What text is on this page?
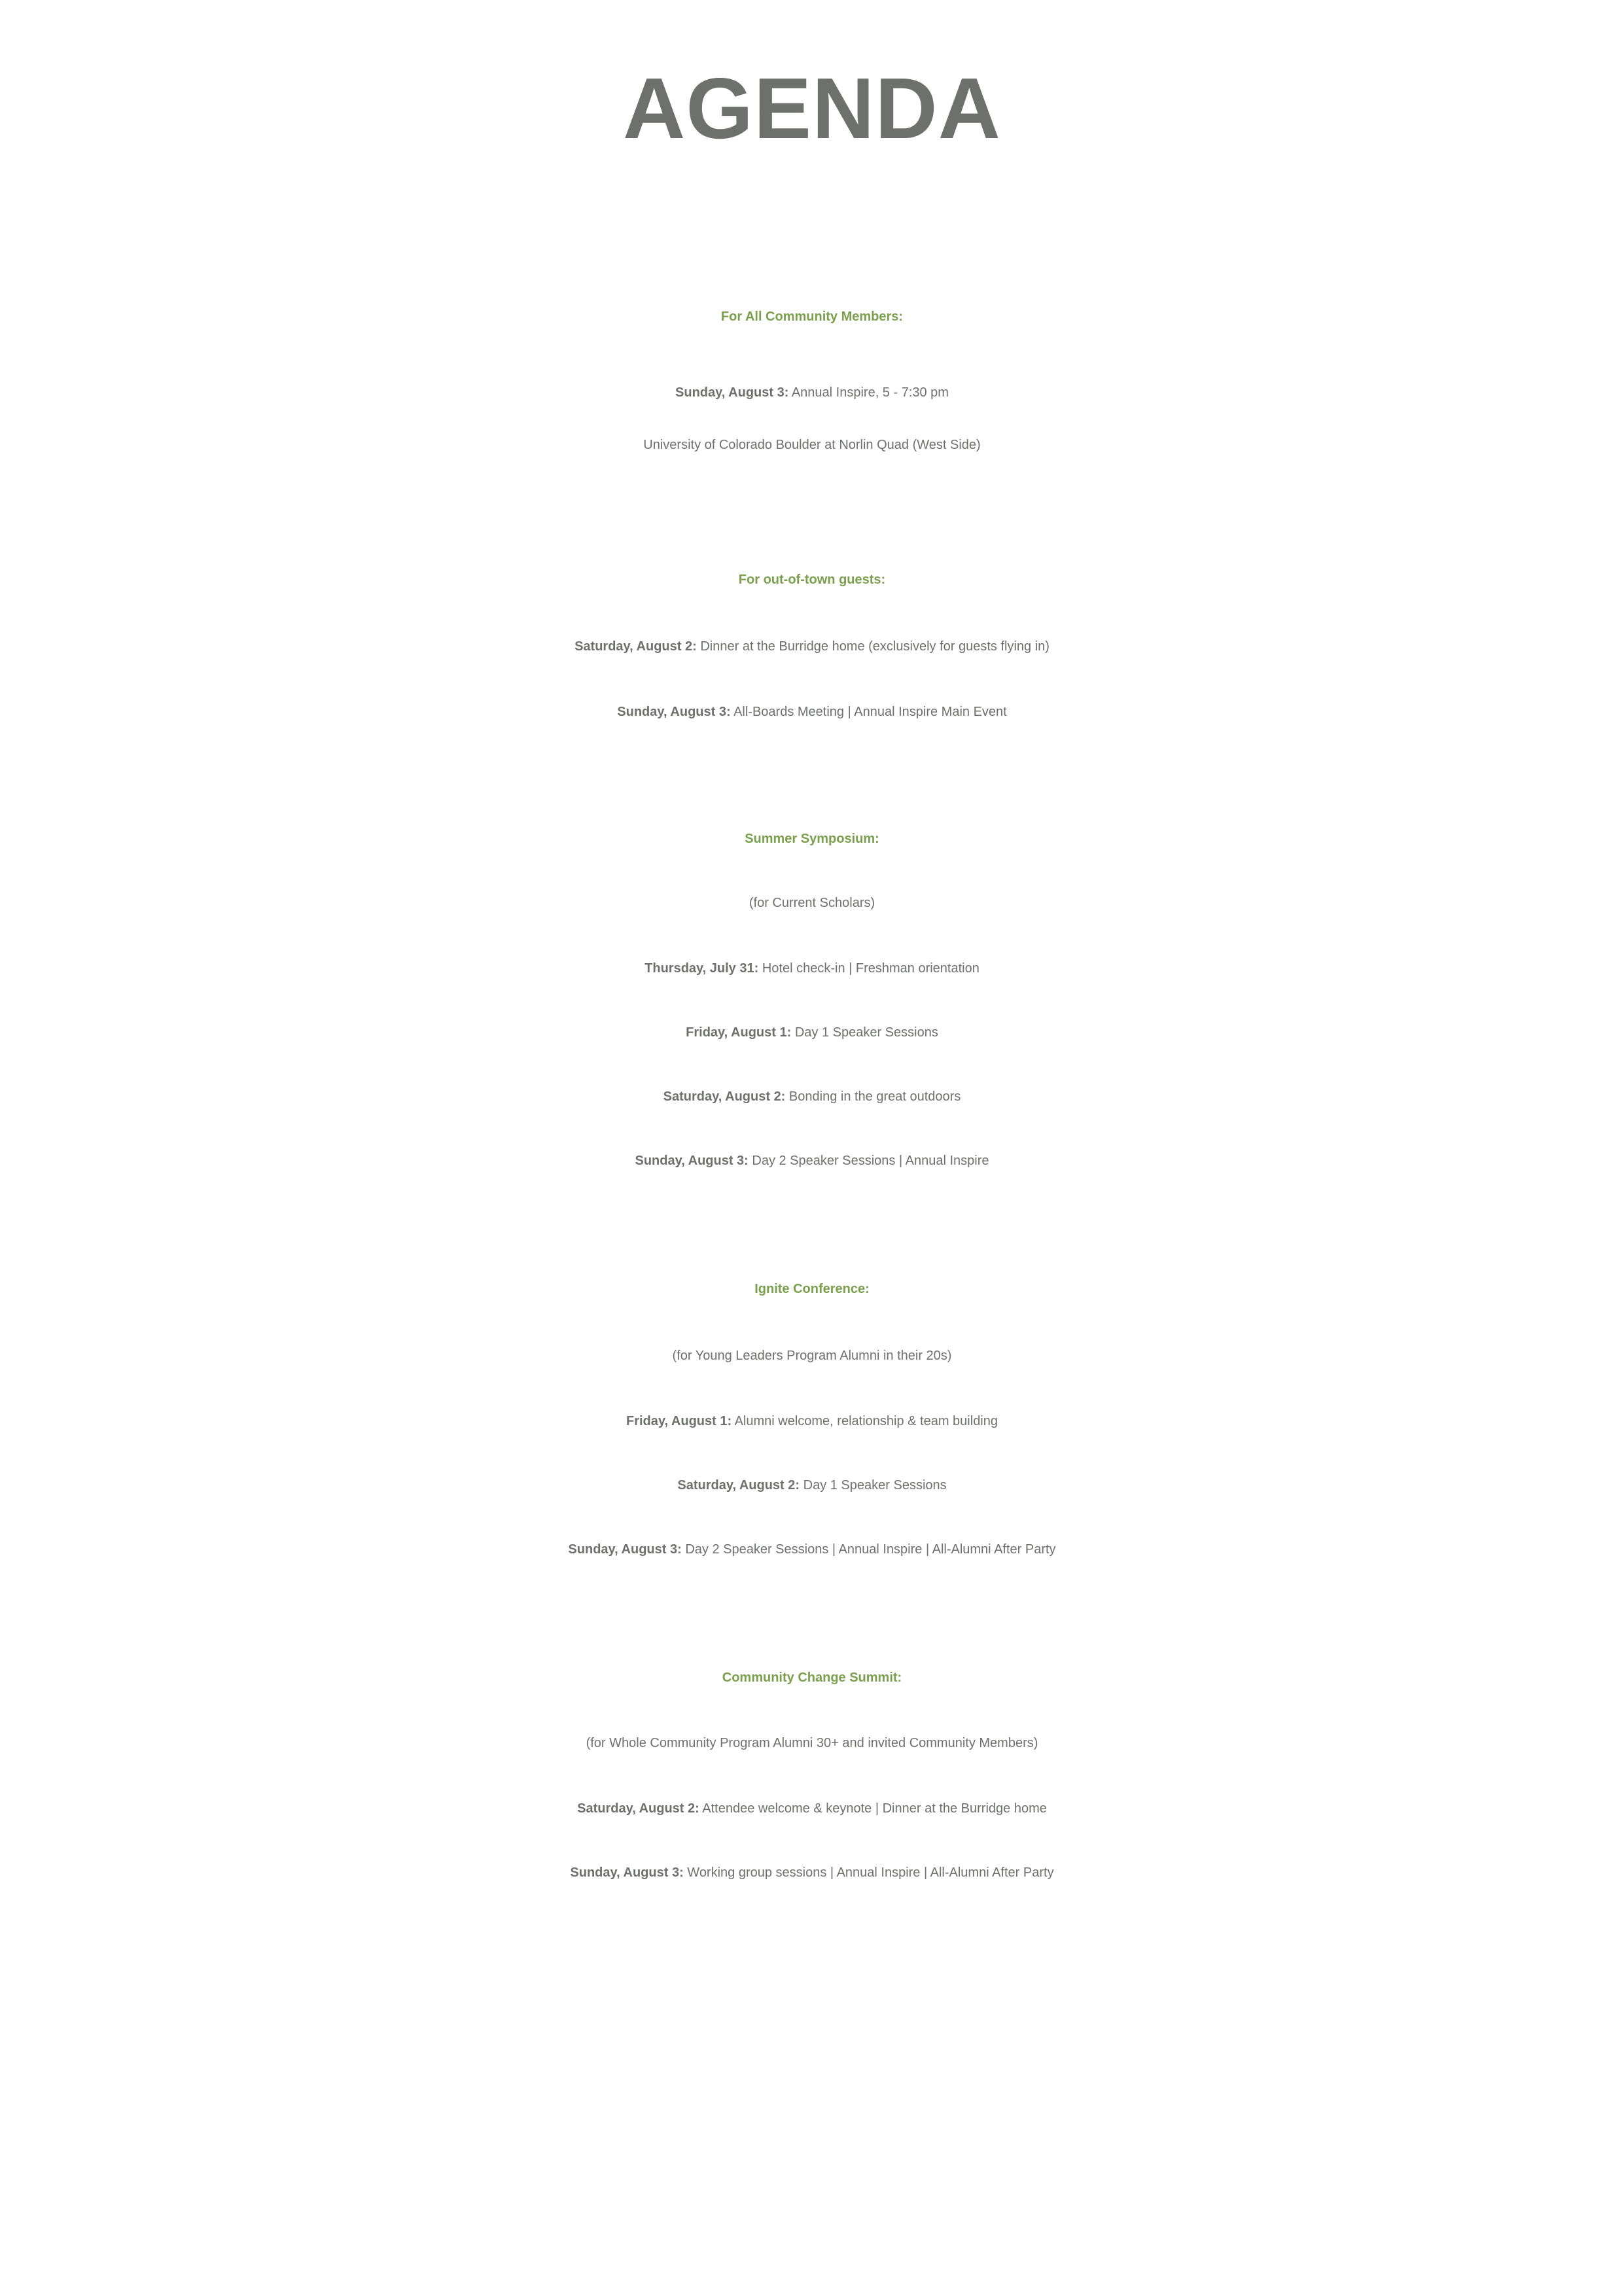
AGENDA
For All Community Members:
Sunday, August 3: Annual Inspire, 5 - 7:30 pm
University of Colorado Boulder at Norlin Quad (West Side)
For out-of-town guests:
Saturday, August 2: Dinner at the Burridge home (exclusively for guests flying in)
Sunday, August 3: All-Boards Meeting | Annual Inspire Main Event
Summer Symposium:
(for Current Scholars)
Thursday, July 31: Hotel check-in | Freshman orientation
Friday, August 1: Day 1 Speaker Sessions
Saturday, August 2: Bonding in the great outdoors
Sunday, August 3: Day 2 Speaker Sessions | Annual Inspire
Ignite Conference:
(for Young Leaders Program Alumni in their 20s)
Friday, August 1: Alumni welcome, relationship & team building
Saturday, August 2: Day 1 Speaker Sessions
Sunday, August 3: Day 2 Speaker Sessions | Annual Inspire | All-Alumni After Party
Community Change Summit:
(for Whole Community Program Alumni 30+ and invited Community Members)
Saturday, August 2: Attendee welcome & keynote | Dinner at the Burridge home
Sunday, August 3: Working group sessions | Annual Inspire | All-Alumni After Party
